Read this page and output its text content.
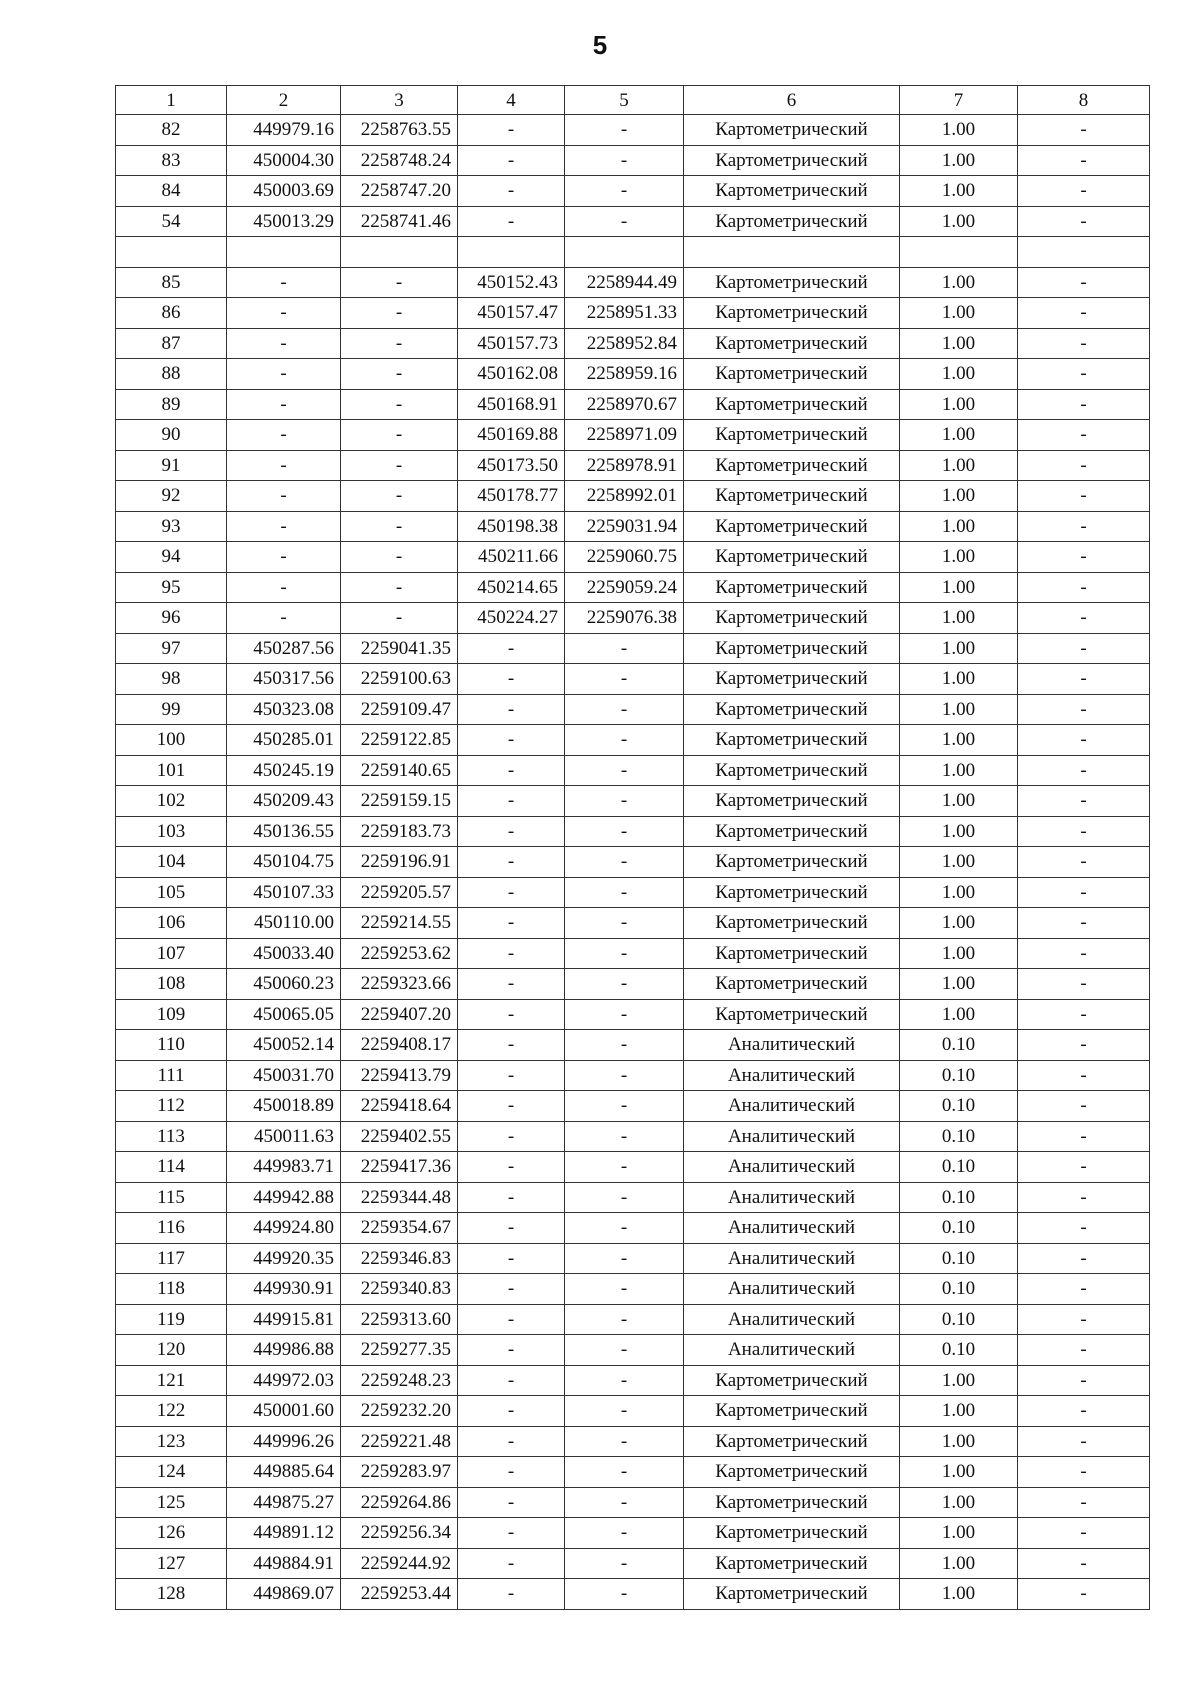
5
1	2	3	4	5	6	7	8
82	449979.16	2258763.55	-	-	Картометрический	1.00	-
83	450004.30	2258748.24	-	-	Картометрический	1.00	-
84	450003.69	2258747.20	-	-	Картометрический	1.00	-
54	450013.29	2258741.46	-	-	Картометрический	1.00	-

85	-	-	450152.43	2258944.49	Картометрический	1.00	-
86	-	-	450157.47	2258951.33	Картометрический	1.00	-
87	-	-	450157.73	2258952.84	Картометрический	1.00	-
88	-	-	450162.08	2258959.16	Картометрический	1.00	-
89	-	-	450168.91	2258970.67	Картометрический	1.00	-
90	-	-	450169.88	2258971.09	Картометрический	1.00	-
91	-	-	450173.50	2258978.91	Картометрический	1.00	-
92	-	-	450178.77	2258992.01	Картометрический	1.00	-
93	-	-	450198.38	2259031.94	Картометрический	1.00	-
94	-	-	450211.66	2259060.75	Картометрический	1.00	-
95	-	-	450214.65	2259059.24	Картометрический	1.00	-
96	-	-	450224.27	2259076.38	Картометрический	1.00	-
97	450287.56	2259041.35	-	-	Картометрический	1.00	-
98	450317.56	2259100.63	-	-	Картометрический	1.00	-
99	450323.08	2259109.47	-	-	Картометрический	1.00	-
100	450285.01	2259122.85	-	-	Картометрический	1.00	-
101	450245.19	2259140.65	-	-	Картометрический	1.00	-
102	450209.43	2259159.15	-	-	Картометрический	1.00	-
103	450136.55	2259183.73	-	-	Картометрический	1.00	-
104	450104.75	2259196.91	-	-	Картометрический	1.00	-
105	450107.33	2259205.57	-	-	Картометрический	1.00	-
106	450110.00	2259214.55	-	-	Картометрический	1.00	-
107	450033.40	2259253.62	-	-	Картометрический	1.00	-
108	450060.23	2259323.66	-	-	Картометрический	1.00	-
109	450065.05	2259407.20	-	-	Картометрический	1.00	-
110	450052.14	2259408.17	-	-	Аналитический	0.10	-
111	450031.70	2259413.79	-	-	Аналитический	0.10	-
112	450018.89	2259418.64	-	-	Аналитический	0.10	-
113	450011.63	2259402.55	-	-	Аналитический	0.10	-
114	449983.71	2259417.36	-	-	Аналитический	0.10	-
115	449942.88	2259344.48	-	-	Аналитический	0.10	-
116	449924.80	2259354.67	-	-	Аналитический	0.10	-
117	449920.35	2259346.83	-	-	Аналитический	0.10	-
118	449930.91	2259340.83	-	-	Аналитический	0.10	-
119	449915.81	2259313.60	-	-	Аналитический	0.10	-
120	449986.88	2259277.35	-	-	Аналитический	0.10	-
121	449972.03	2259248.23	-	-	Картометрический	1.00	-
122	450001.60	2259232.20	-	-	Картометрический	1.00	-
123	449996.26	2259221.48	-	-	Картометрический	1.00	-
124	449885.64	2259283.97	-	-	Картометрический	1.00	-
125	449875.27	2259264.86	-	-	Картометрический	1.00	-
126	449891.12	2259256.34	-	-	Картометрический	1.00	-
127	449884.91	2259244.92	-	-	Картометрический	1.00	-
128	449869.07	2259253.44	-	-	Картометрический	1.00	-
